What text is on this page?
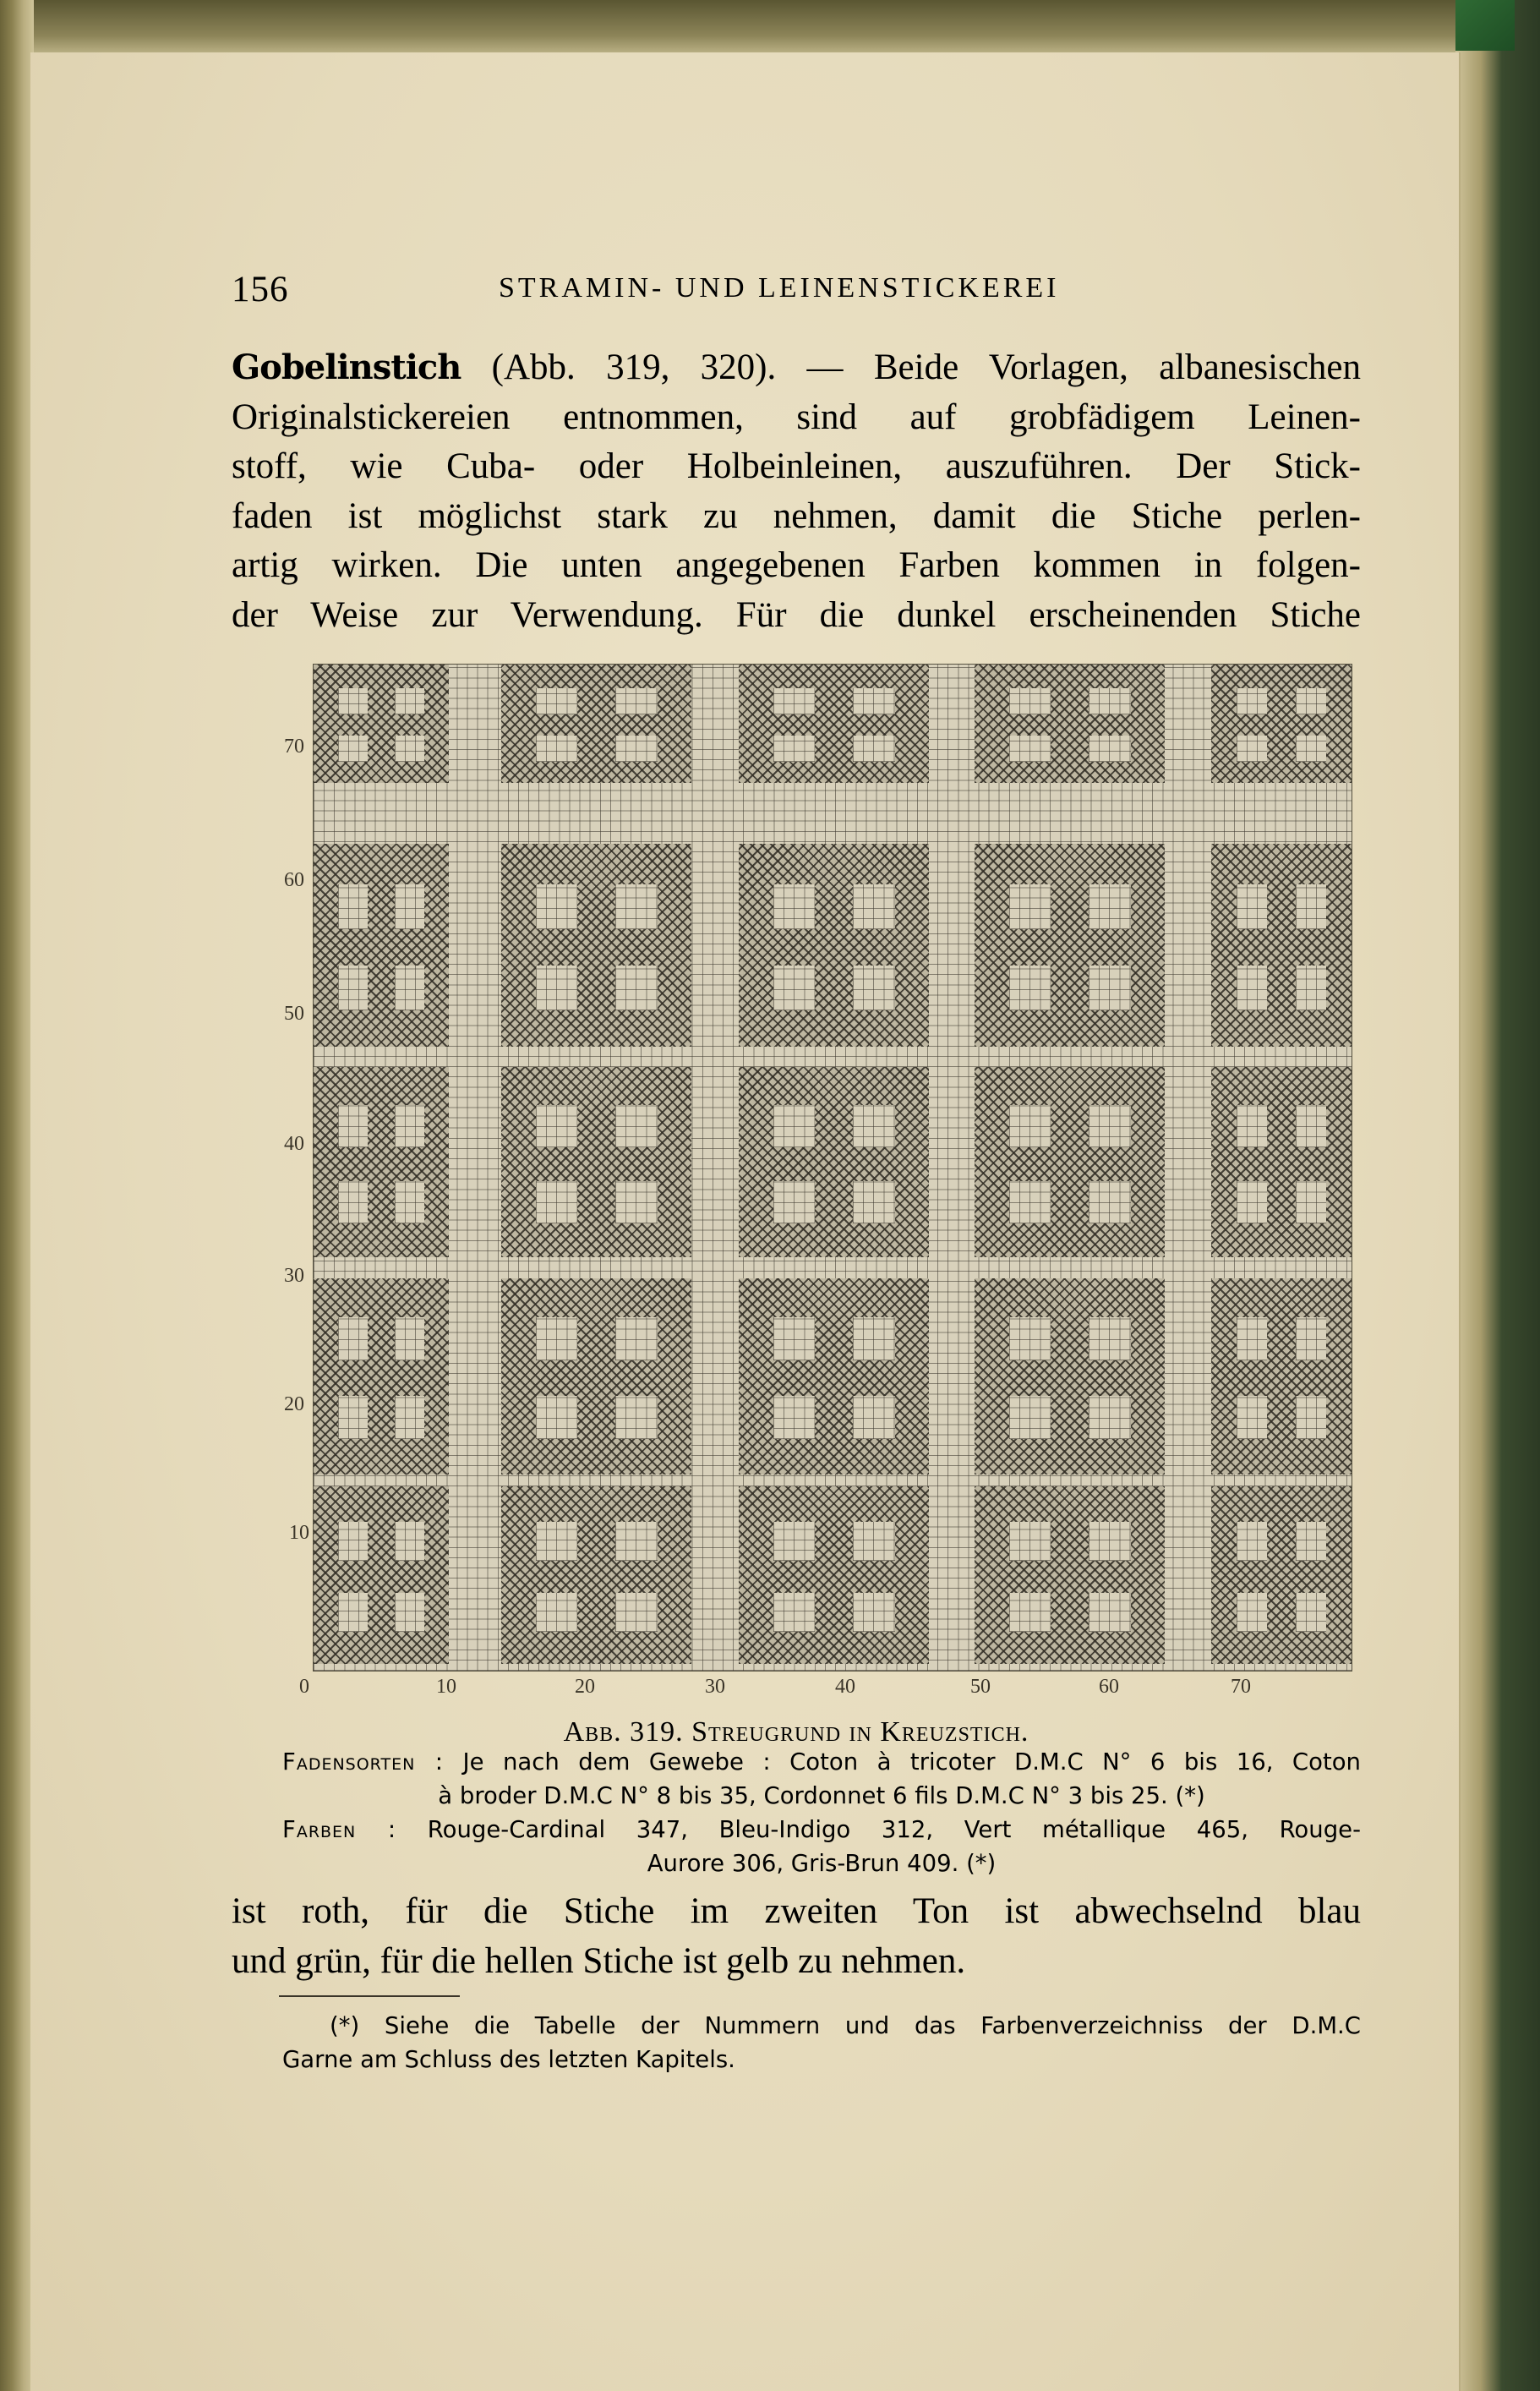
156	STRAMIN- UND LEINENSTICKEREI
Gobelinstich (Abb. 319, 320). — Beide Vorlagen, albanesischen
Originalstickereien entnommen, sind auf grobfädigem Leinen-
stoff, wie Cuba- oder Holbeinleinen, auszuführen. Der Stick-
faden ist möglichst stark zu nehmen, damit die Stiche perlen-
artig wirken. Die unten angegebenen Farben kommen in folgen-
der Weise zur Verwendung. Für die dunkel erscheinenden Stiche
70
60
50
40
30
20
10
0	10	20	30	40	50	60	70
Abb. 319. Streugrund in Kreuzstich.
Fadensorten : Je nach dem Gewebe : Coton à tricoter D.M.C N° 6 bis 16, Coton
à broder D.M.C N° 8 bis 35, Cordonnet 6 fils D.M.C N° 3 bis 25. (*)
Farben : Rouge-Cardinal 347, Bleu-Indigo 312, Vert métallique 465, Rouge-
Aurore 306, Gris-Brun 409. (*)
ist roth, für die Stiche im zweiten Ton ist abwechselnd blau
und grün, für die hellen Stiche ist gelb zu nehmen.
(*) Siehe die Tabelle der Nummern und das Farbenverzeichniss der D.M.C
Garne am Schluss des letzten Kapitels.
